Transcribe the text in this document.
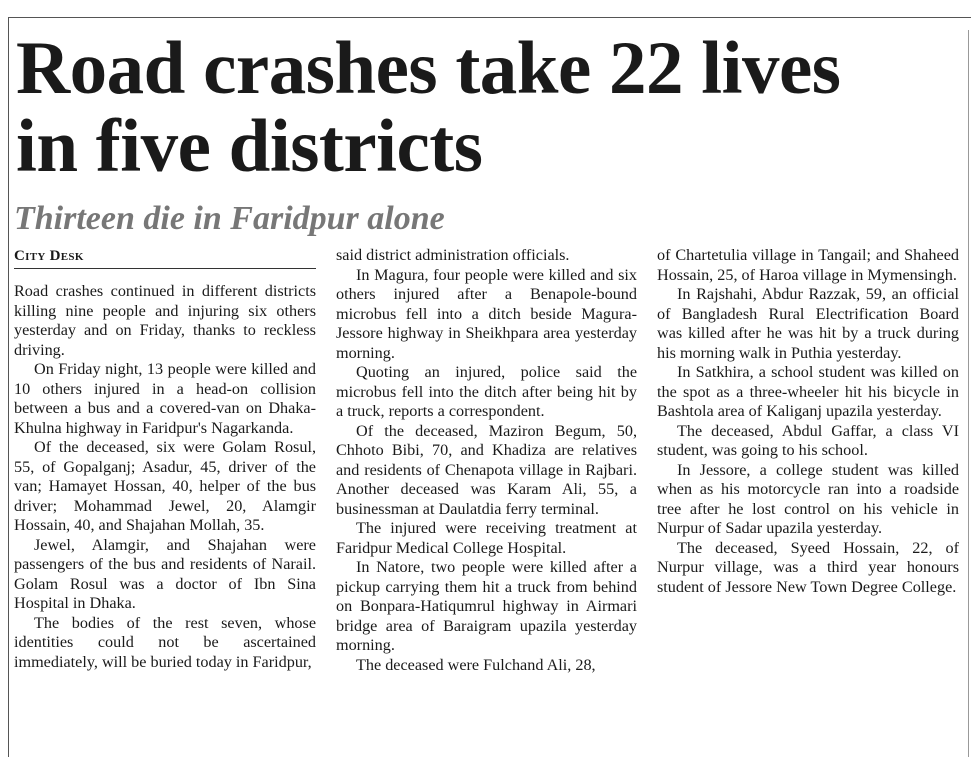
Road crashes take 22 lives
in five districts
Thirteen die in Faridpur alone
City Desk

Road crashes continued in different districts killing nine people and injuring six others yesterday and on Friday, thanks to reckless driving.

On Friday night, 13 people were killed and 10 others injured in a head-on collision between a bus and a covered-van on Dhaka-Khulna highway in Faridpur's Nagarkanda.

Of the deceased, six were Golam Rosul, 55, of Gopalganj; Asadur, 45, driver of the van; Hamayet Hossan, 40, helper of the bus driver; Mohammad Jewel, 20, Alamgir Hossain, 40, and Shajahan Mollah, 35.

Jewel, Alamgir, and Shajahan were passengers of the bus and residents of Narail. Golam Rosul was a doctor of Ibn Sina Hospital in Dhaka.

The bodies of the rest seven, whose identities could not be ascertained immediately, will be buried today in Faridpur,

said district administration officials.

In Magura, four people were killed and six others injured after a Benapole-bound microbus fell into a ditch beside Magura-Jessore highway in Sheikhpara area yesterday morning.

Quoting an injured, police said the microbus fell into the ditch after being hit by a truck, reports a correspondent.

Of the deceased, Maziron Begum, 50, Chhoto Bibi, 70, and Khadiza are relatives and residents of Chenapota village in Rajbari. Another deceased was Karam Ali, 55, a businessman at Daulatdia ferry terminal.

The injured were receiving treatment at Faridpur Medical College Hospital.

In Natore, two people were killed after a pickup carrying them hit a truck from behind on Bonpara-Hatiqumrul highway in Airmari bridge area of Baraigram upazila yesterday morning.

The deceased were Fulchand Ali, 28,

of Chartetulia village in Tangail; and Shaheed Hossain, 25, of Haroa village in Mymensingh.

In Rajshahi, Abdur Razzak, 59, an official of Bangladesh Rural Electrification Board was killed after he was hit by a truck during his morning walk in Puthia yesterday.

In Satkhira, a school student was killed on the spot as a three-wheeler hit his bicycle in Bashtola area of Kaliganj upazila yesterday.

The deceased, Abdul Gaffar, a class VI student, was going to his school.

In Jessore, a college student was killed when as his motorcycle ran into a roadside tree after he lost control on his vehicle in Nurpur of Sadar upazila yesterday.

The deceased, Syeed Hossain, 22, of Nurpur village, was a third year honours student of Jessore New Town Degree College.
